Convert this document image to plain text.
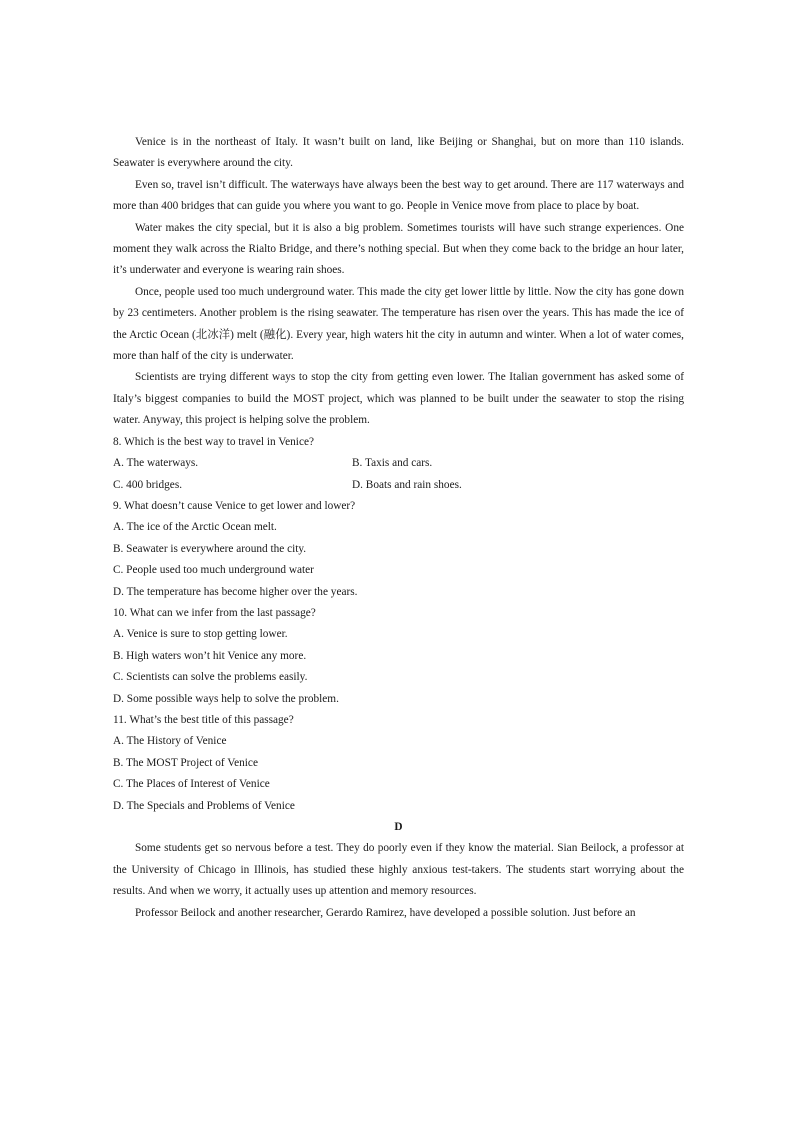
Venice is in the northeast of Italy. It wasn’t built on land, like Beijing or Shanghai, but on more than 110 islands. Seawater is everywhere around the city.

Even so, travel isn’t difficult. The waterways have always been the best way to get around. There are 117 waterways and more than 400 bridges that can guide you where you want to go. People in Venice move from place to place by boat.

Water makes the city special, but it is also a big problem. Sometimes tourists will have such strange experiences. One moment they walk across the Rialto Bridge, and there’s nothing special. But when they come back to the bridge an hour later, it’s underwater and everyone is wearing rain shoes.

Once, people used too much underground water. This made the city get lower little by little. Now the city has gone down by 23 centimeters. Another problem is the rising seawater. The temperature has risen over the years. This has made the ice of the Arctic Ocean (北冰洋) melt (融化). Every year, high waters hit the city in autumn and winter. When a lot of water comes, more than half of the city is underwater.

Scientists are trying different ways to stop the city from getting even lower. The Italian government has asked some of Italy’s biggest companies to build the MOST project, which was planned to be built under the seawater to stop the rising water. Anyway, this project is helping solve the problem.

8. Which is the best way to travel in Venice?

A. The waterways.	B. Taxis and cars.
C. 400 bridges.	D. Boats and rain shoes.

9. What doesn’t cause Venice to get lower and lower?

A. The ice of the Arctic Ocean melt.

B. Seawater is everywhere around the city.

C. People used too much underground water

D. The temperature has become higher over the years.

10. What can we infer from the last passage?

A. Venice is sure to stop getting lower.

B. High waters won’t hit Venice any more.

C. Scientists can solve the problems easily.

D. Some possible ways help to solve the problem.

11. What’s the best title of this passage?

A. The History of Venice

B. The MOST Project of Venice

C. The Places of Interest of Venice

D. The Specials and Problems of Venice

D

Some students get so nervous before a test. They do poorly even if they know the material. Sian Beilock, a professor at the University of Chicago in Illinois, has studied these highly anxious test-takers. The students start worrying about the results. And when we worry, it actually uses up attention and memory resources.

Professor Beilock and another researcher, Gerardo Ramirez, have developed a possible solution. Just before an
